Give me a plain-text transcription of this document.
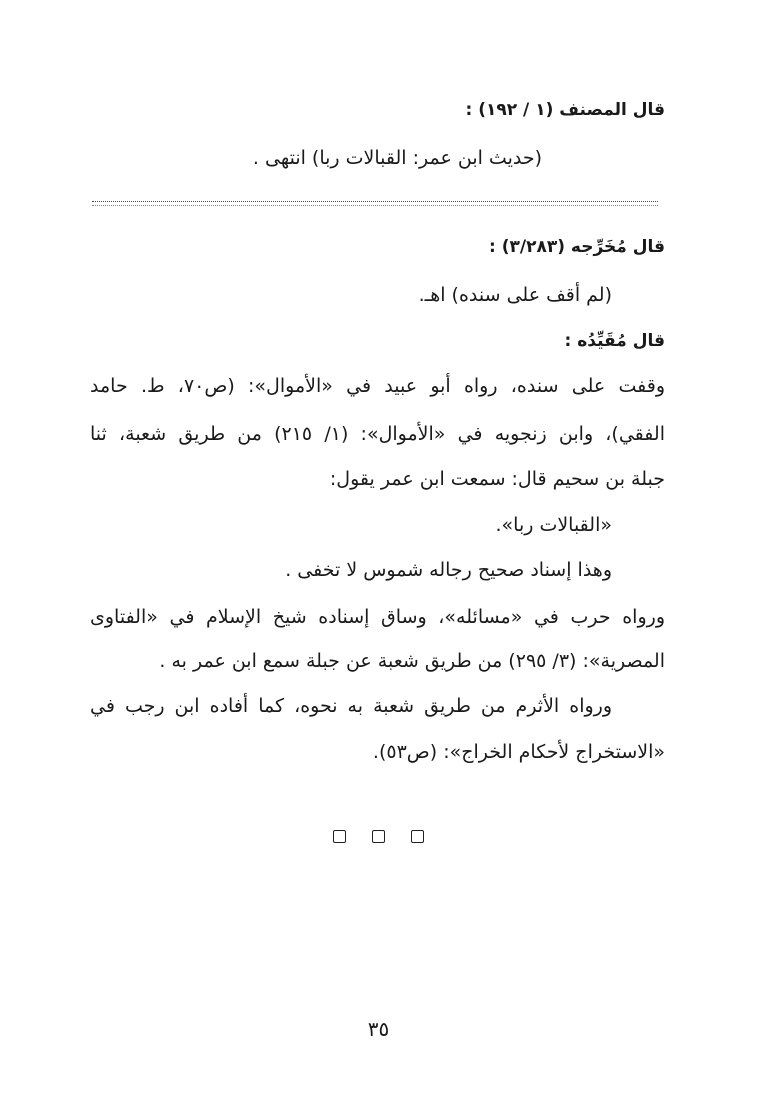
قال المصنف (١ / ١٩٢) :
(حديث ابن عمر: القبالات ربا) انتهى .
قال مُخَرِّجه (٣/٢٨٣) :
(لم أقف على سنده) اهـ.
قال مُقَيِّدُه :
وقفت على سنده، رواه أبو عبيد في «الأموال»: (ص٧٠، ط. حامد
الفقي)، وابن زنجويه في «الأموال»: (١/ ٢١٥) من طريق شعبة، ثنا
جبلة بن سحيم قال: سمعت ابن عمر يقول:
«القبالات ربا».
وهذا إسناد صحيح رجاله شموس لا تخفى .
ورواه حرب في «مسائله»، وساق إسناده شيخ الإسلام في «الفتاوى
المصرية»: (٣/ ٢٩٥) من طريق شعبة عن جبلة سمع ابن عمر به .
ورواه الأثرم من طريق شعبة به نحوه، كما أفاده ابن رجب في
«الاستخراج لأحكام الخراج»: (ص٥٣).
٣٥
